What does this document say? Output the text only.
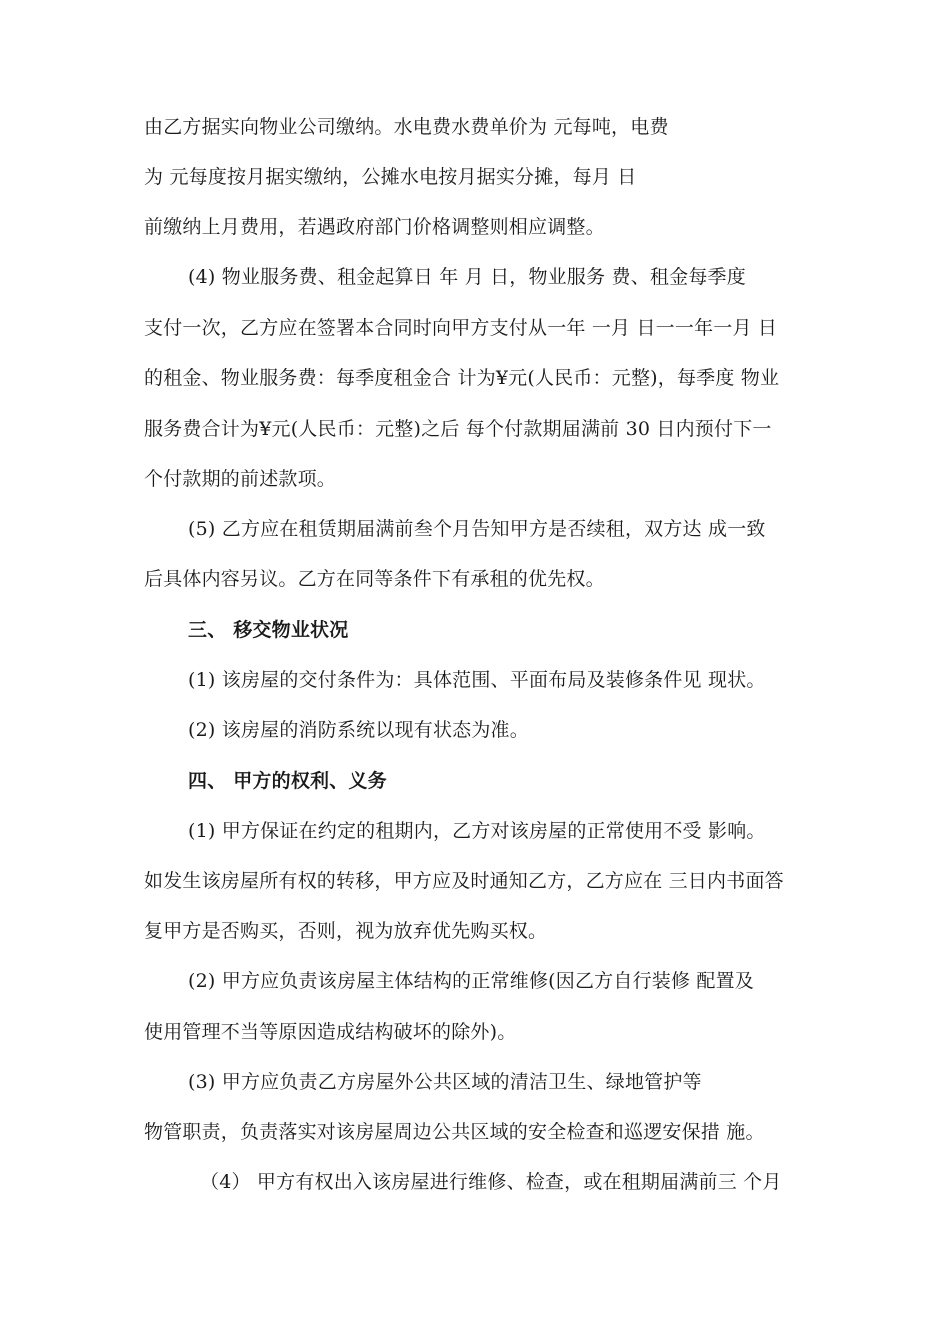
由乙方据实向物业公司缴纳。水电费水费单价为 元每吨，电费
为 元每度按月据实缴纳，公摊水电按月据实分摊，每月 日
前缴纳上月费用，若遇政府部门价格调整则相应调整。
(4) 物业服务费、租金起算日 年 月 日，物业服务 费、租金每季度
支付一次，乙方应在签署本合同时向甲方支付从一年 一月 日一一年一月 日
的租金、物业服务费：每季度租金合 计为¥元(人民币：元整)，每季度 物业
服务费合计为¥元(人民币：元整)之后 每个付款期届满前 30 日内预付下一
个付款期的前述款项。
(5) 乙方应在租赁期届满前叁个月告知甲方是否续租，双方达 成一致
后具体内容另议。乙方在同等条件下有承租的优先权。
三、 移交物业状况
(1) 该房屋的交付条件为：具体范围、平面布局及装修条件见 现状。
(2) 该房屋的消防系统以现有状态为准。
四、 甲方的权利、义务
(1) 甲方保证在约定的租期内，乙方对该房屋的正常使用不受 影响。
如发生该房屋所有权的转移，甲方应及时通知乙方，乙方应在 三日内书面答
复甲方是否购买，否则，视为放弃优先购买权。
(2) 甲方应负责该房屋主体结构的正常维修(因乙方自行装修 配置及
使用管理不当等原因造成结构破坏的除外)。
(3) 甲方应负责乙方房屋外公共区域的清洁卫生、绿地管护等
物管职责，负责落实对该房屋周边公共区域的安全检查和巡逻安保措 施。
（4） 甲方有权出入该房屋进行维修、检查，或在租期届满前三 个月
